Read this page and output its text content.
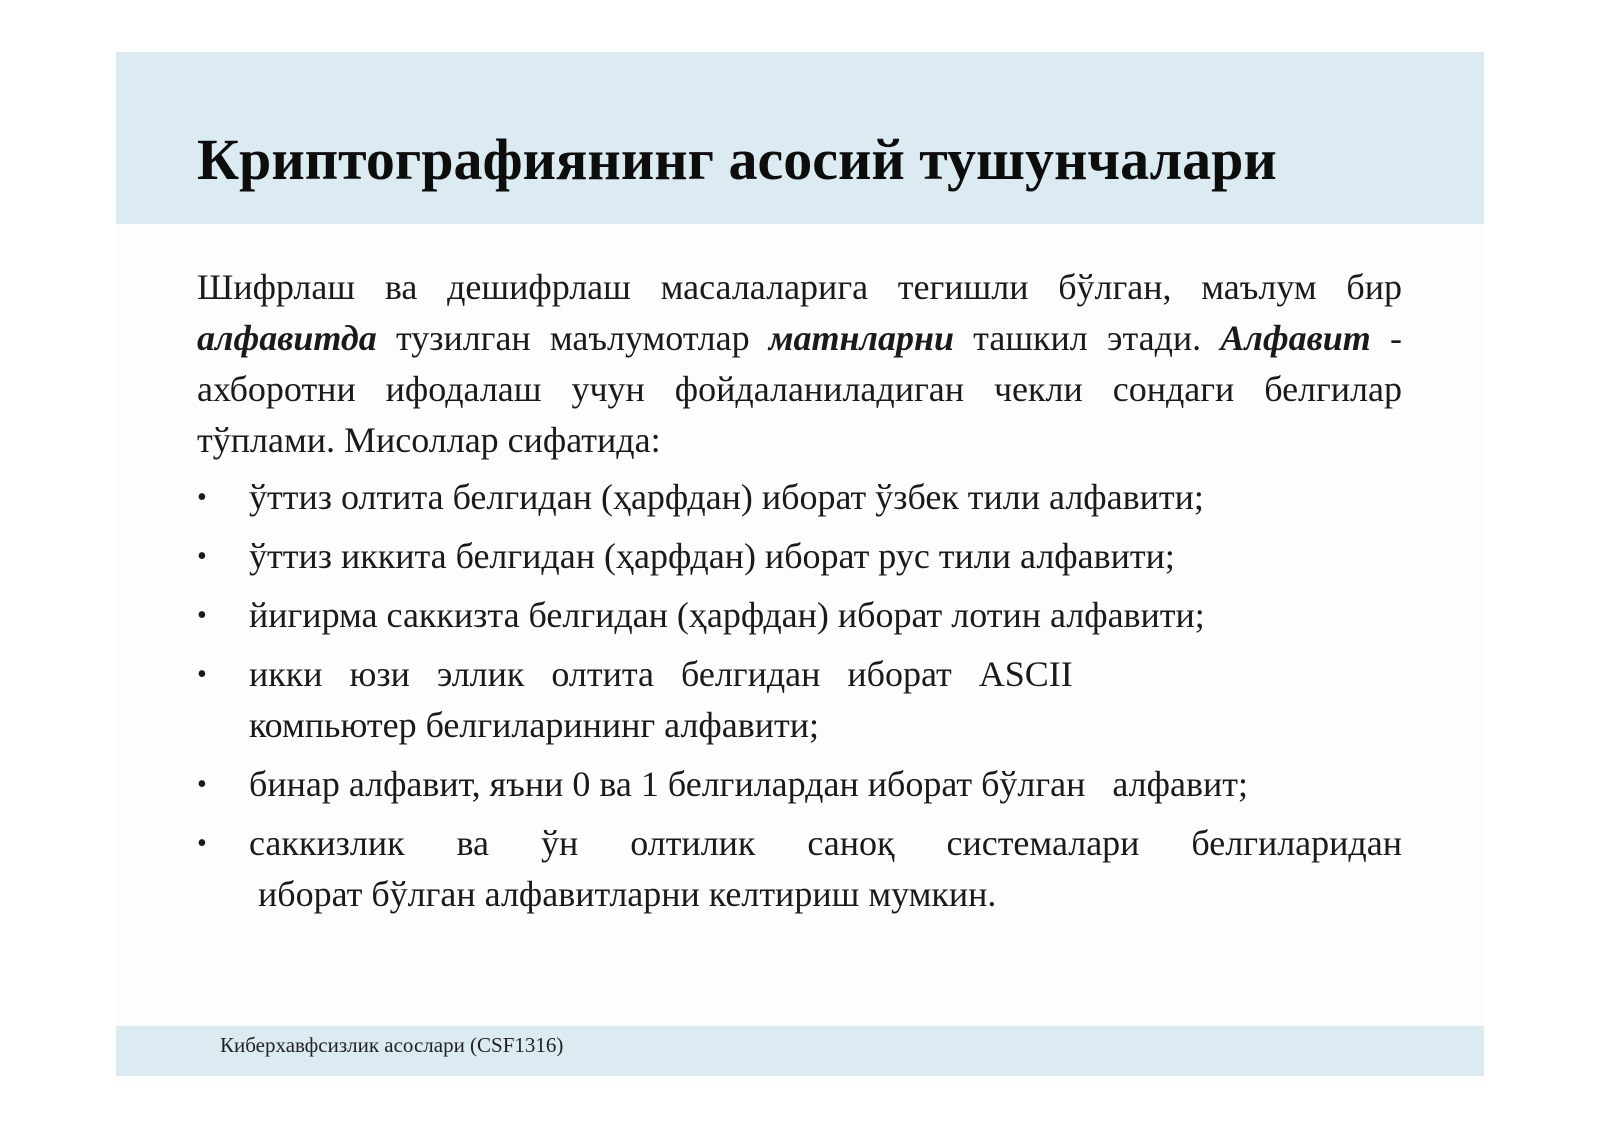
Криптографиянинг асосий тушунчалари

Шифрлаш ва дешифрлаш масалаларига тегишли бўлган, маълум бир алфавитда тузилган маълумотлар матнларни ташкил этади. Алфавит - ахборотни ифодалаш учун фойдаланиладиган чекли сондаги белгилар тўплами. Мисоллар сифатида:

• ўттиз олтита белгидан (ҳарфдан) иборат ўзбек тили алфавити;
• ўттиз иккита белгидан (ҳарфдан) иборат рус тили алфавити;
• йигирма саккизта белгидан (ҳарфдан) иборат лотин алфавити;
• икки юзи эллик олтита белгидан иборат ASCII
компьютер белгиларининг алфавити;
• бинар алфавит, яъни 0 ва 1 белгилардан иборат бўлган   алфавит;
• саккизлик ва ўн олтилик саноқ системалари белгиларидан
иборат бўлган алфавитларни келтириш мумкин.
Киберхавфсизлик асослари (CSF1316)
